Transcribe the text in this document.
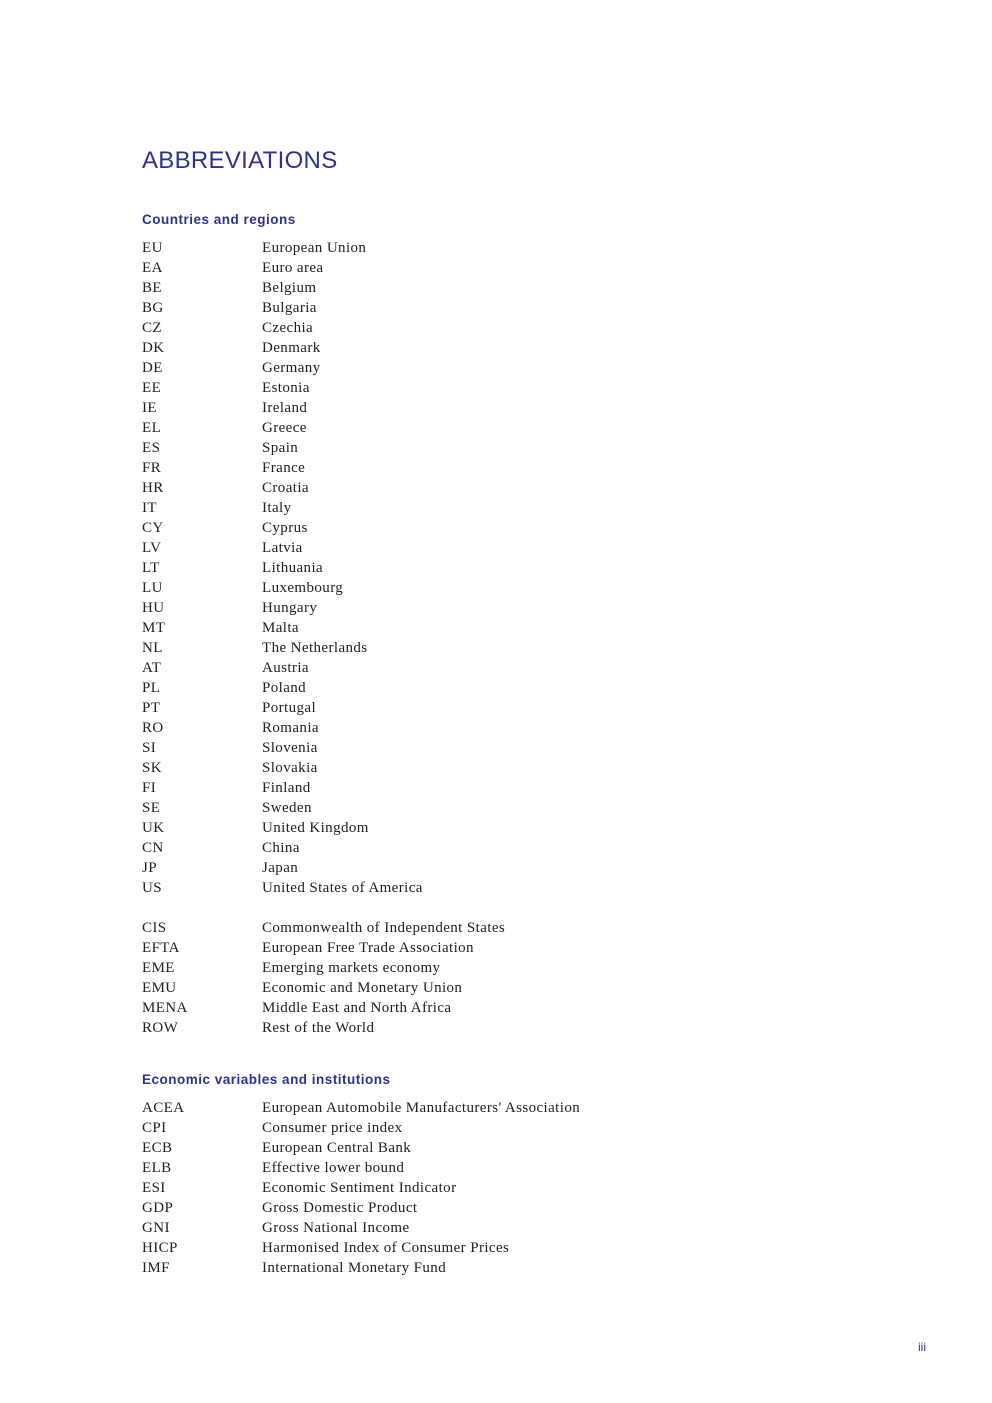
ABBREVIATIONS
Countries and regions
EU	European Union
EA	Euro area
BE	Belgium
BG	Bulgaria
CZ	Czechia
DK	Denmark
DE	Germany
EE	Estonia
IE	Ireland
EL	Greece
ES	Spain
FR	France
HR	Croatia
IT	Italy
CY	Cyprus
LV	Latvia
LT	Lithuania
LU	Luxembourg
HU	Hungary
MT	Malta
NL	The Netherlands
AT	Austria
PL	Poland
PT	Portugal
RO	Romania
SI	Slovenia
SK	Slovakia
FI	Finland
SE	Sweden
UK	United Kingdom
CN	China
JP	Japan
US	United States of America
CIS	Commonwealth of Independent States
EFTA	European Free Trade Association
EME	Emerging markets economy
EMU	Economic and Monetary Union
MENA	Middle East and North Africa
ROW	Rest of the World
Economic variables and institutions
ACEA	European Automobile Manufacturers' Association
CPI	Consumer price index
ECB	European Central Bank
ELB	Effective lower bound
ESI	Economic Sentiment Indicator
GDP	Gross Domestic Product
GNI	Gross National Income
HICP	Harmonised Index of Consumer Prices
IMF	International Monetary Fund
iii
